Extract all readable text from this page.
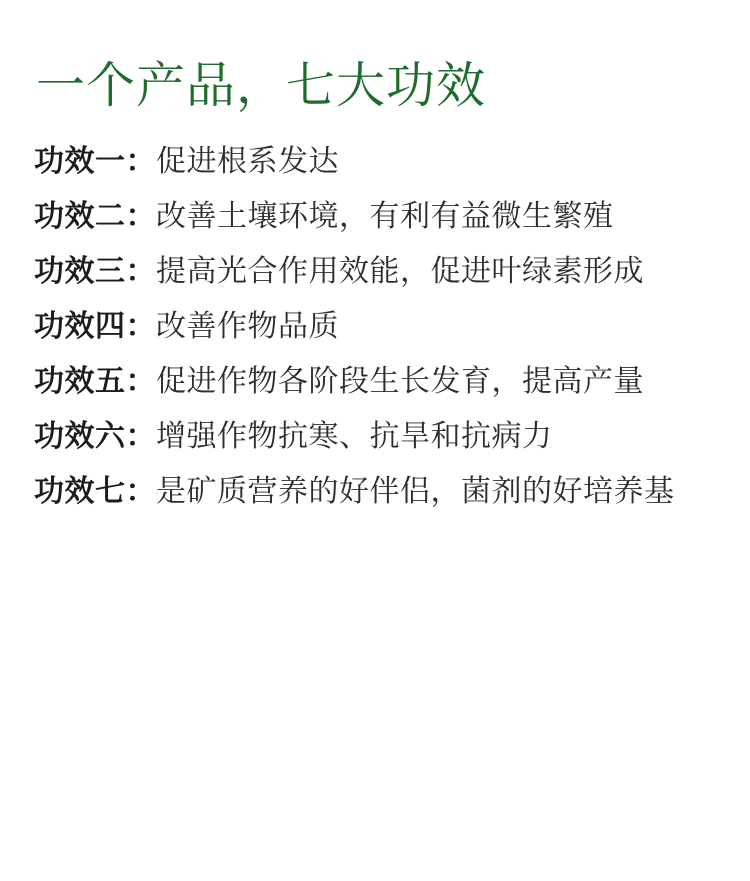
一个产品，七大功效
功效一：促进根系发达
功效二：改善土壤环境，有利有益微生繁殖
功效三：提高光合作用效能，促进叶绿素形成
功效四：改善作物品质
功效五：促进作物各阶段生长发育，提高产量
功效六：增强作物抗寒、抗旱和抗病力
功效七：是矿质营养的好伴侣，菌剂的好培养基
